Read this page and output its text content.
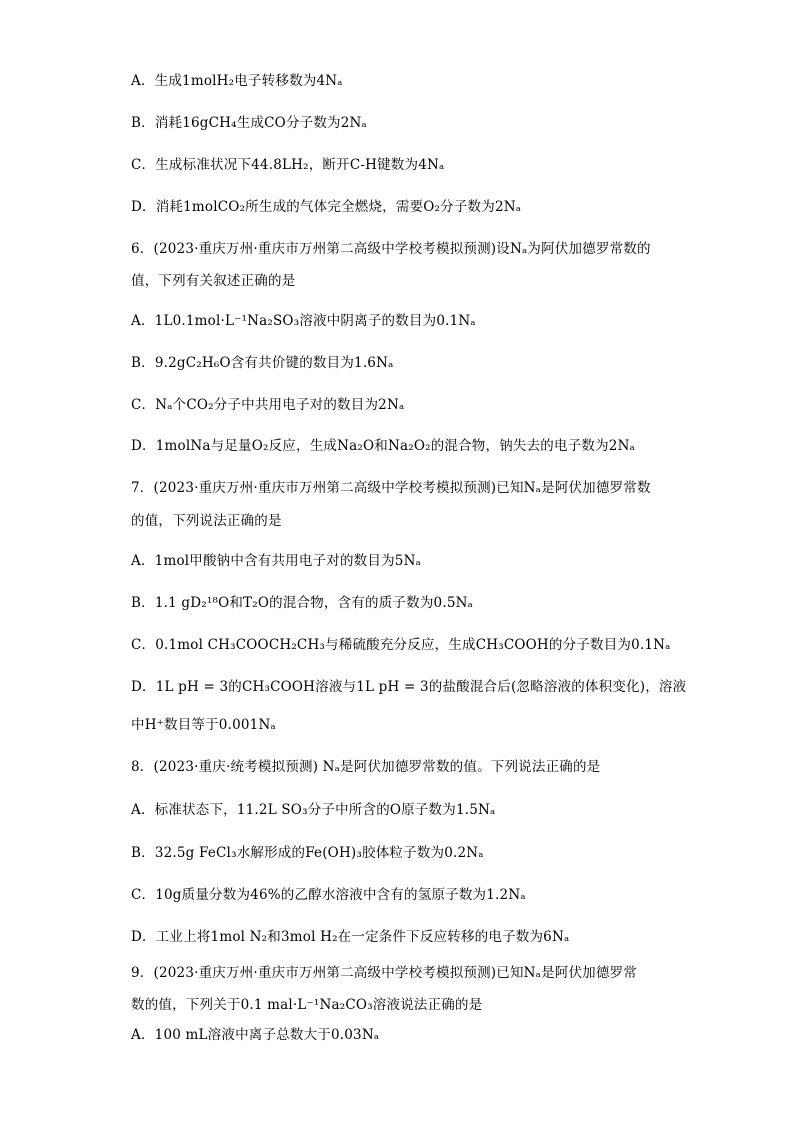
A．生成1molH₂电子转移数为4Nₐ
B．消耗16gCH₄生成CO分子数为2Nₐ
C．生成标准状况下44.8LH₂，断开C-H键数为4Nₐ
D．消耗1molCO₂所生成的气体完全燃烧，需要O₂分子数为2Nₐ
6．(2023·重庆万州·重庆市万州第二高级中学校考模拟预测)设Nₐ为阿伏加德罗常数的
值，下列有关叙述正确的是
A．1L0.1mol·L⁻¹Na₂SO₃溶液中阴离子的数目为0.1Nₐ
B．9.2gC₂H₆O含有共价键的数目为1.6Nₐ
C．Nₐ个CO₂分子中共用电子对的数目为2Nₐ
D．1molNa与足量O₂反应，生成Na₂O和Na₂O₂的混合物，钠失去的电子数为2Nₐ
7．(2023·重庆万州·重庆市万州第二高级中学校考模拟预测)已知Nₐ是阿伏加德罗常数
的值，下列说法正确的是
A．1mol甲酸钠中含有共用电子对的数目为5Nₐ
B．1.1 gD₂¹⁸O和T₂O的混合物，含有的质子数为0.5Nₐ
C．0.1mol CH₃COOCH₂CH₃与稀硫酸充分反应，生成CH₃COOH的分子数目为0.1Nₐ
D．1L pH = 3的CH₃COOH溶液与1L pH = 3的盐酸混合后(忽略溶液的体积变化)，溶液
中H⁺数目等于0.001Nₐ
8．(2023·重庆·统考模拟预测) Nₐ是阿伏加德罗常数的值。下列说法正确的是
A．标准状态下，11.2L SO₃分子中所含的O原子数为1.5Nₐ
B．32.5g FeCl₃水解形成的Fe(OH)₃胶体粒子数为0.2Nₐ
C．10g质量分数为46%的乙醇水溶液中含有的氢原子数为1.2Nₐ
D．工业上将1mol N₂和3mol H₂在一定条件下反应转移的电子数为6Nₐ
9．(2023·重庆万州·重庆市万州第二高级中学校考模拟预测)已知Nₐ是阿伏加德罗常
数的值，下列关于0.1 mal·L⁻¹Na₂CO₃溶液说法正确的是
A．100 mL溶液中离子总数大于0.03Nₐ
